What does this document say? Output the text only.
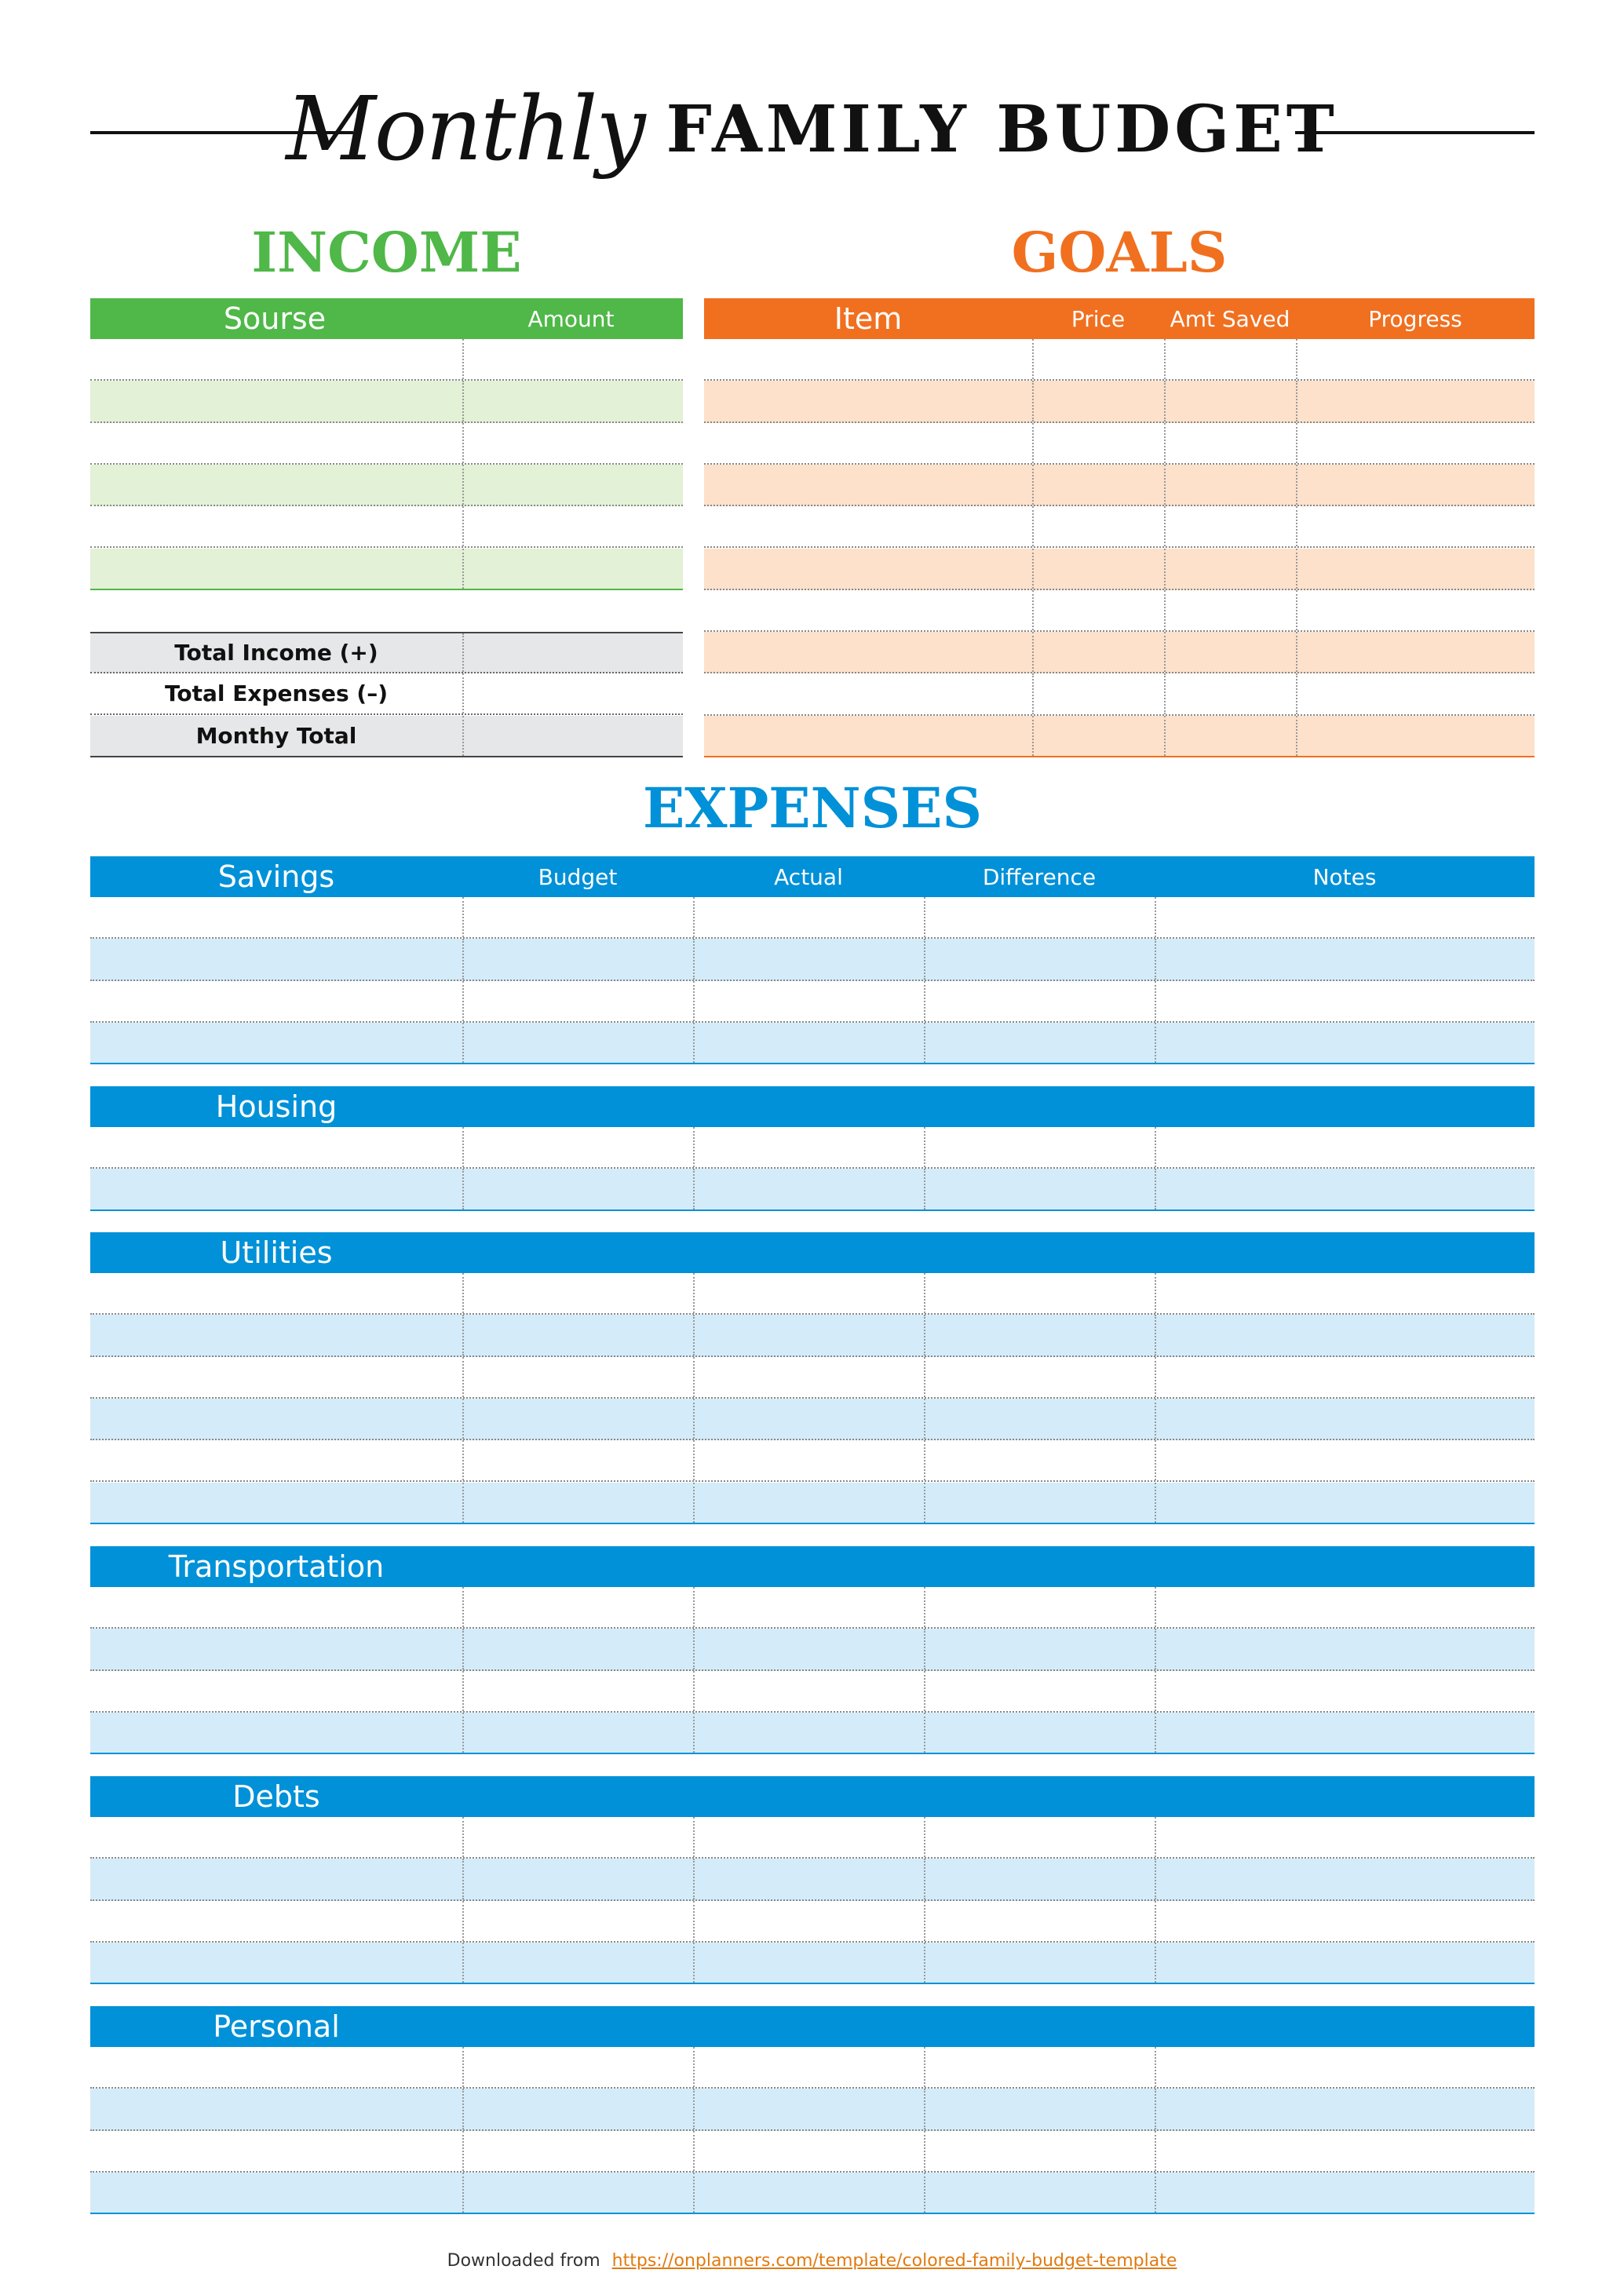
Monthly FAMILY BUDGET
INCOME
Sourse	Amount
GOALS
Item	Price	Amt Saved	Progress
EXPENSES
Downloaded from https://onplanners.com/template/colored-family-budget-template
Total Income (+)
Total Expenses (–)
Monthy Total
Savings	Budget	Actual	Difference	Notes
Housing
Utilities
Transportation
Debts
Personal
